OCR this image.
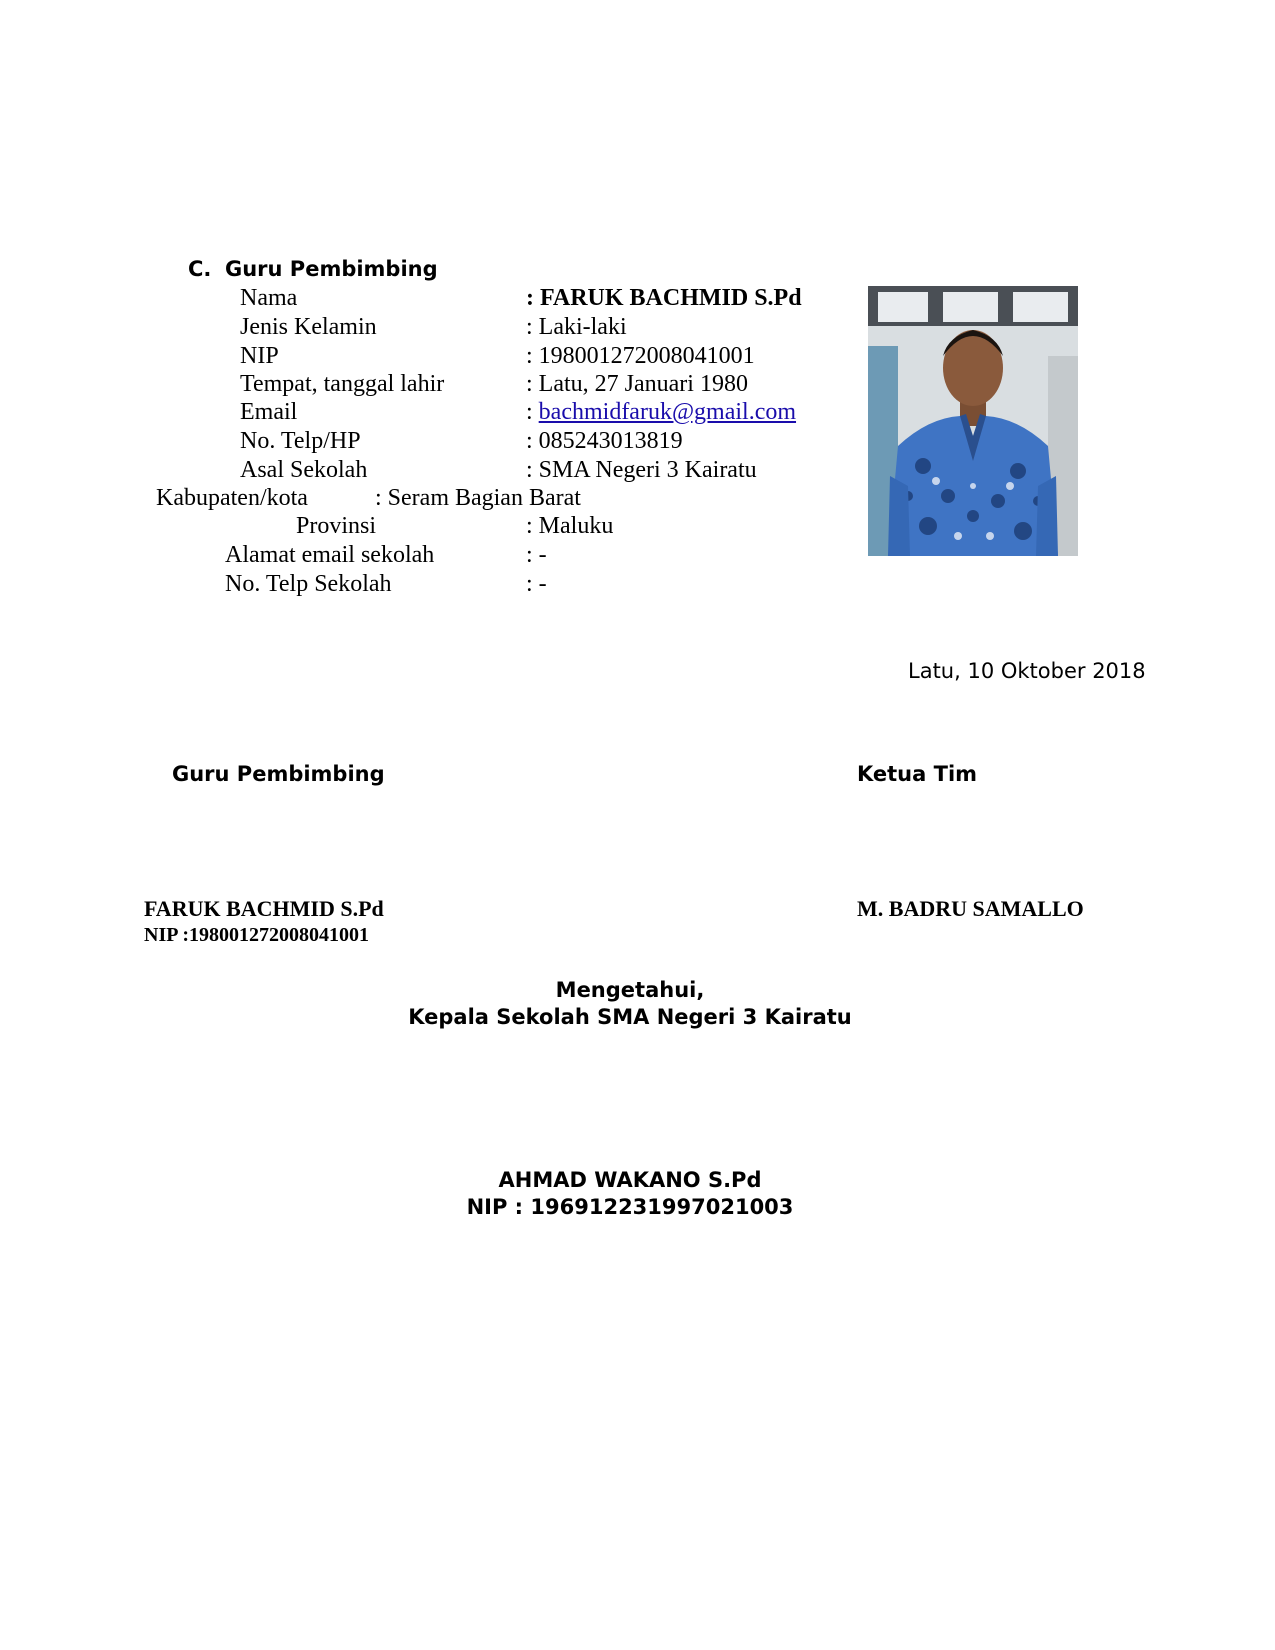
C. Guru Pembimbing
Nama	: FARUK BACHMID S.Pd
Jenis Kelamin	: Laki-laki
NIP	: 198001272008041001
Tempat, tanggal lahir	: Latu, 27 Januari 1980
Email	: bachmidfaruk@gmail.com
No. Telp/HP	: 085243013819
Asal Sekolah	: SMA Negeri 3 Kairatu
Kabupaten/kota	: Seram Bagian Barat
Provinsi	: Maluku
Alamat email sekolah	: -
No. Telp Sekolah	: -
Latu, 10 Oktober 2018
Guru Pembimbing	Ketua Tim
FARUK BACHMID S.Pd
NIP :198001272008041001
M. BADRU SAMALLO
Mengetahui,
Kepala Sekolah SMA Negeri 3 Kairatu
AHMAD WAKANO S.Pd
NIP : 196912231997021003
